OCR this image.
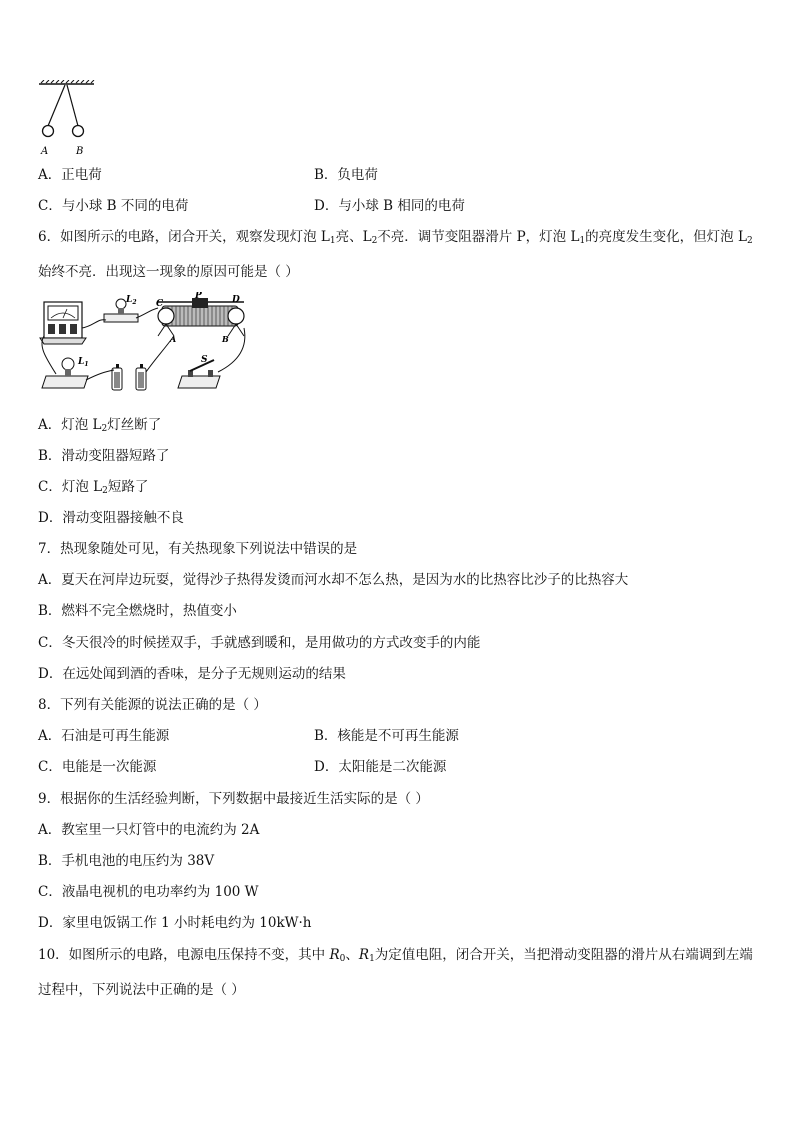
A	B
A．正电荷	B．负电荷
C．与小球 B 不同的电荷	D．与小球 B 相同的电荷
6．如图所示的电路，闭合开关，观察发现灯泡 $L_1$亮、$L_2$不亮．调节变阻器滑片 P，灯泡 $L_1$的亮度发生变化，但灯泡 $L_2$始终不亮．出现这一现象的原因可能是（ ）
$L_2$ C
P	D
A	B
$L_1$	S
A．灯泡 $L_2$灯丝断了
B．滑动变阻器短路了
C．灯泡 $L_2$短路了
D．滑动变阻器接触不良
7．热现象随处可见，有关热现象下列说法中错误的是
A．夏天在河岸边玩耍，觉得沙子热得发烫而河水却不怎么热，是因为水的比热容比沙子的比热容大
B．燃料不完全燃烧时，热值变小
C．冬天很冷的时候搓双手，手就感到暖和，是用做功的方式改变手的内能
D．在远处闻到酒的香味，是分子无规则运动的结果
8．下列有关能源的说法正确的是（ ）
A．石油是可再生能源	B．核能是不可再生能源
C．电能是一次能源	D．太阳能是二次能源
9．根据你的生活经验判断，下列数据中最接近生活实际的是（ ）
A．教室里一只灯管中的电流约为 2A
B．手机电池的电压约为 38V
C．液晶电视机的电功率约为 100 W
D．家里电饭锅工作 1 小时耗电约为 10kW·h
10．如图所示的电路，电源电压保持不变，其中 $R_0$、$R_1$为定值电阻，闭合开关，当把滑动变阻器的滑片从右端调到左端过程中，下列说法中正确的是（ ）
